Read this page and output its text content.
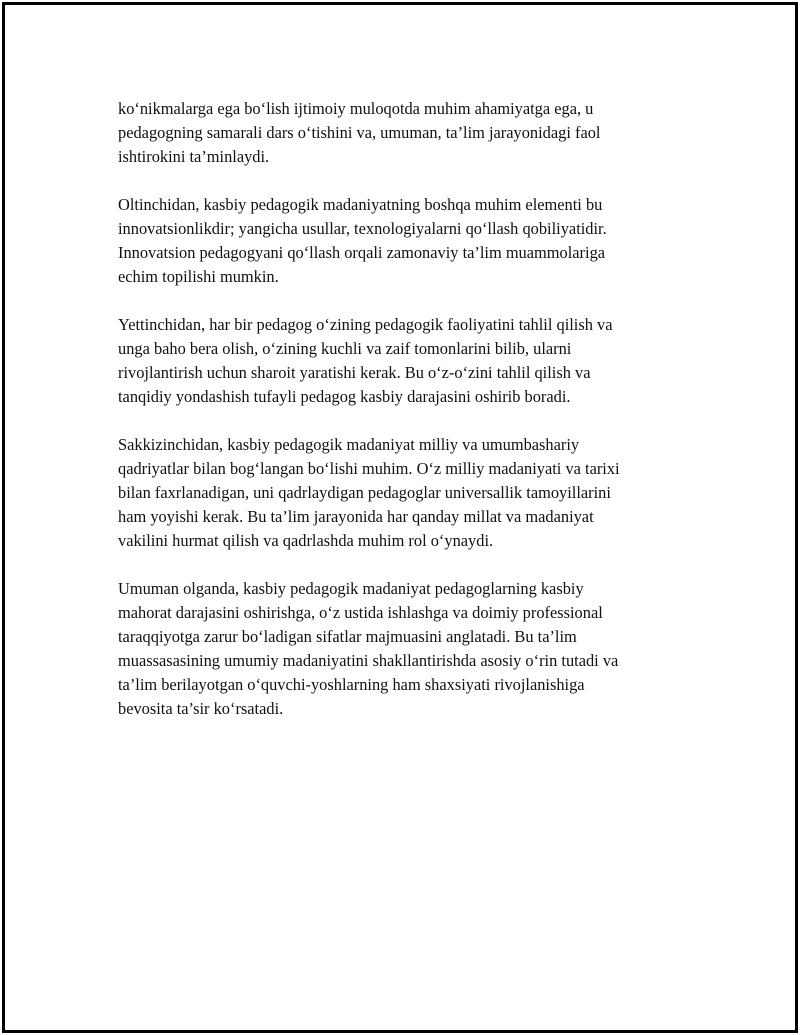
ko‘nikmalarga ega bo‘lish ijtimoiy muloqotda muhim ahamiyatga ega, u
pedagogning samarali dars o‘tishini va, umuman, ta’lim jarayonidagi faol
ishtirokini ta’minlaydi.

Oltinchidan, kasbiy pedagogik madaniyatning boshqa muhim elementi bu
innovatsionlikdir; yangicha usullar, texnologiyalarni qo‘llash qobiliyatidir.
Innovatsion pedagogyani qo‘llash orqali zamonaviy ta’lim muammolariga
echim topilishi mumkin.

Yettinchidan, har bir pedagog o‘zining pedagogik faoliyatini tahlil qilish va
unga baho bera olish, o‘zining kuchli va zaif tomonlarini bilib, ularni
rivojlantirish uchun sharoit yaratishi kerak. Bu o‘z-o‘zini tahlil qilish va
tanqidiy yondashish tufayli pedagog kasbiy darajasini oshirib boradi.

Sakkizinchidan, kasbiy pedagogik madaniyat milliy va umumbashariy
qadriyatlar bilan bog‘langan bo‘lishi muhim. O‘z milliy madaniyati va tarixi
bilan faxrlanadigan, uni qadrlaydigan pedagoglar universallik tamoyillarini
ham yoyishi kerak. Bu ta’lim jarayonida har qanday millat va madaniyat
vakilini hurmat qilish va qadrlashda muhim rol o‘ynaydi.

Umuman olganda, kasbiy pedagogik madaniyat pedagoglarning kasbiy
mahorat darajasini oshirishga, o‘z ustida ishlashga va doimiy professional
taraqqiyotga zarur bo‘ladigan sifatlar majmuasini anglatadi. Bu ta’lim
muassasasining umumiy madaniyatini shakllantirishda asosiy o‘rin tutadi va
ta’lim berilayotgan o‘quvchi-yoshlarning ham shaxsiyati rivojlanishiga
bevosita ta’sir ko‘rsatadi.
